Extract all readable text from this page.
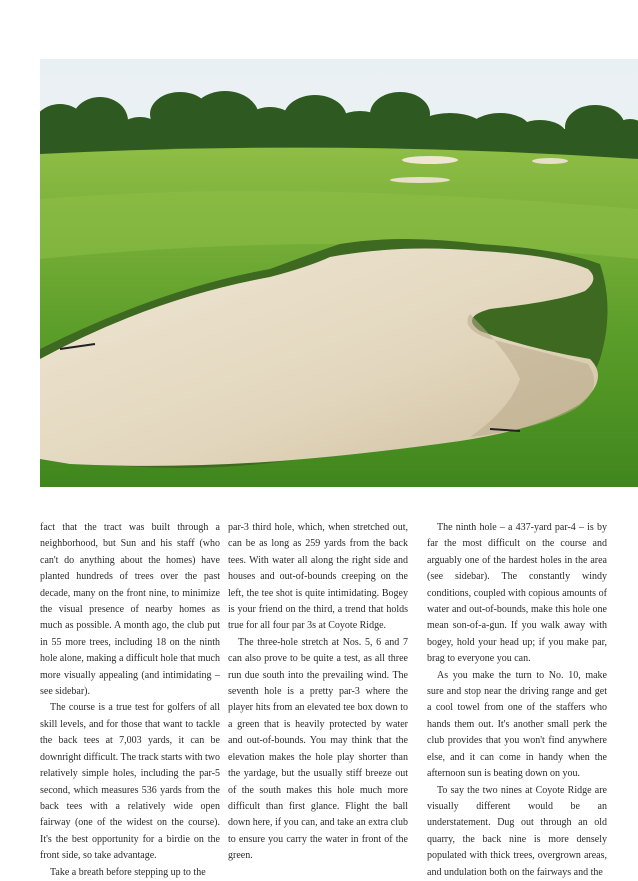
fact that the tract was built through a neighborhood, but Sun and his staff (who can't do anything about the homes) have planted hundreds of trees over the past decade, many on the front nine, to minimize the visual presence of nearby homes as much as possible. A month ago, the club put in 55 more trees, including 18 on the ninth hole alone, making a difficult hole that much more visually appealing (and intimidating – see sidebar).

The course is a true test for golfers of all skill levels, and for those that want to tackle the back tees at 7,003 yards, it can be downright difficult. The track starts with two relatively simple holes, including the par-5 second, which measures 536 yards from the back tees with a relatively wide open fairway (one of the widest on the course). It's the best opportunity for a birdie on the front side, so take advantage.

Take a breath before stepping up to the

par-3 third hole, which, when stretched out, can be as long as 259 yards from the back tees. With water all along the right side and houses and out-of-bounds creeping on the left, the tee shot is quite intimidating. Bogey is your friend on the third, a trend that holds true for all four par 3s at Coyote Ridge.

The three-hole stretch at Nos. 5, 6 and 7 can also prove to be quite a test, as all three run due south into the prevailing wind. The seventh hole is a pretty par-3 where the player hits from an elevated tee box down to a green that is heavily protected by water and out-of-bounds. You may think that the elevation makes the hole play shorter than the yardage, but the usually stiff breeze out of the south makes this hole much more difficult than first glance. Flight the ball down here, if you can, and take an extra club to ensure you carry the water in front of the green.

The ninth hole – a 437-yard par-4 – is by far the most difficult on the course and arguably one of the hardest holes in the area (see sidebar). The constantly windy conditions, coupled with copious amounts of water and out-of-bounds, make this hole one mean son-of-a-gun. If you walk away with bogey, hold your head up; if you make par, brag to everyone you can.

As you make the turn to No. 10, make sure and stop near the driving range and get a cool towel from one of the staffers who hands them out. It's another small perk the club provides that you won't find anywhere else, and it can come in handy when the afternoon sun is beating down on you.

To say the two nines at Coyote Ridge are visually different would be an understatement. Dug out through an old quarry, the back nine is more densely populated with thick trees, overgrown areas, and undulation both on the fairways and the
